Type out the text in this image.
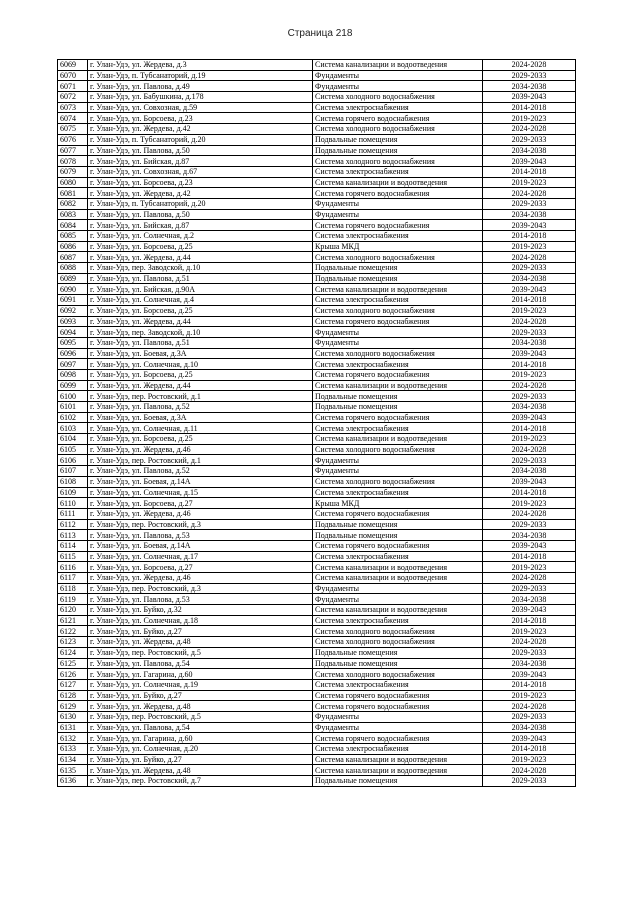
Страница 218
6069	г. Улан-Удэ, ул. Жердева, д.3	Система канализации и водоотведения	2024-2028
6070	г. Улан-Удэ, п. Тубсанаторий, д.19	Фундаменты	2029-2033
6071	г. Улан-Удэ, ул. Павлова, д.49	Фундаменты	2034-2038
6072	г. Улан-Удэ, ул. Бабушкина, д.178	Система холодного водоснабжения	2039-2043
6073	г. Улан-Удэ, ул. Совхозная, д.59	Система электроснабжения	2014-2018
6074	г. Улан-Удэ, ул. Борсоева, д.23	Система горячего водоснабжения	2019-2023
6075	г. Улан-Удэ, ул. Жердева, д.42	Система холодного водоснабжения	2024-2028
6076	г. Улан-Удэ, п. Тубсанаторий, д.20	Подвальные помещения	2029-2033
6077	г. Улан-Удэ, ул. Павлова, д.50	Подвальные помещения	2034-2038
6078	г. Улан-Удэ, ул. Бийская, д.87	Система холодного водоснабжения	2039-2043
6079	г. Улан-Удэ, ул. Совхозная, д.67	Система электроснабжения	2014-2018
6080	г. Улан-Удэ, ул. Борсоева, д.23	Система канализации и водоотведения	2019-2023
6081	г. Улан-Удэ, ул. Жердева, д.42	Система горячего водоснабжения	2024-2028
6082	г. Улан-Удэ, п. Тубсанаторий, д.20	Фундаменты	2029-2033
6083	г. Улан-Удэ, ул. Павлова, д.50	Фундаменты	2034-2038
6084	г. Улан-Удэ, ул. Бийская, д.87	Система горячего водоснабжения	2039-2043
6085	г. Улан-Удэ, ул. Солнечная, д.2	Система электроснабжения	2014-2018
6086	г. Улан-Удэ, ул. Борсоева, д.25	Крыша МКД	2019-2023
6087	г. Улан-Удэ, ул. Жердева, д.44	Система холодного водоснабжения	2024-2028
6088	г. Улан-Удэ, пер. Заводской, д.10	Подвальные помещения	2029-2033
6089	г. Улан-Удэ, ул. Павлова, д.51	Подвальные помещения	2034-2038
6090	г. Улан-Удэ, ул. Бийская, д.90А	Система канализации и водоотведения	2039-2043
6091	г. Улан-Удэ, ул. Солнечная, д.4	Система электроснабжения	2014-2018
6092	г. Улан-Удэ, ул. Борсоева, д.25	Система холодного водоснабжения	2019-2023
6093	г. Улан-Удэ, ул. Жердева, д.44	Система горячего водоснабжения	2024-2028
6094	г. Улан-Удэ, пер. Заводской, д.10	Фундаменты	2029-2033
6095	г. Улан-Удэ, ул. Павлова, д.51	Фундаменты	2034-2038
6096	г. Улан-Удэ, ул. Боевая, д.3А	Система холодного водоснабжения	2039-2043
6097	г. Улан-Удэ, ул. Солнечная, д.10	Система электроснабжения	2014-2018
6098	г. Улан-Удэ, ул. Борсоева, д.25	Система горячего водоснабжения	2019-2023
6099	г. Улан-Удэ, ул. Жердева, д.44	Система канализации и водоотведения	2024-2028
6100	г. Улан-Удэ, пер. Ростовский, д.1	Подвальные помещения	2029-2033
6101	г. Улан-Удэ, ул. Павлова, д.52	Подвальные помещения	2034-2038
6102	г. Улан-Удэ, ул. Боевая, д.3А	Система горячего водоснабжения	2039-2043
6103	г. Улан-Удэ, ул. Солнечная, д.11	Система электроснабжения	2014-2018
6104	г. Улан-Удэ, ул. Борсоева, д.25	Система канализации и водоотведения	2019-2023
6105	г. Улан-Удэ, ул. Жердева, д.46	Система холодного водоснабжения	2024-2028
6106	г. Улан-Удэ, пер. Ростовский, д.1	Фундаменты	2029-2033
6107	г. Улан-Удэ, ул. Павлова, д.52	Фундаменты	2034-2038
6108	г. Улан-Удэ, ул. Боевая, д.14А	Система холодного водоснабжения	2039-2043
6109	г. Улан-Удэ, ул. Солнечная, д.15	Система электроснабжения	2014-2018
6110	г. Улан-Удэ, ул. Борсоева, д.27	Крыша МКД	2019-2023
6111	г. Улан-Удэ, ул. Жердева, д.46	Система горячего водоснабжения	2024-2028
6112	г. Улан-Удэ, пер. Ростовский, д.3	Подвальные помещения	2029-2033
6113	г. Улан-Удэ, ул. Павлова, д.53	Подвальные помещения	2034-2038
6114	г. Улан-Удэ, ул. Боевая, д.14А	Система горячего водоснабжения	2039-2043
6115	г. Улан-Удэ, ул. Солнечная, д.17	Система электроснабжения	2014-2018
6116	г. Улан-Удэ, ул. Борсоева, д.27	Система канализации и водоотведения	2019-2023
6117	г. Улан-Удэ, ул. Жердева, д.46	Система канализации и водоотведения	2024-2028
6118	г. Улан-Удэ, пер. Ростовский, д.3	Фундаменты	2029-2033
6119	г. Улан-Удэ, ул. Павлова, д.53	Фундаменты	2034-2038
6120	г. Улан-Удэ, ул. Буйко, д.32	Система канализации и водоотведения	2039-2043
6121	г. Улан-Удэ, ул. Солнечная, д.18	Система электроснабжения	2014-2018
6122	г. Улан-Удэ, ул. Буйко, д.27	Система холодного водоснабжения	2019-2023
6123	г. Улан-Удэ, ул. Жердева, д.48	Система холодного водоснабжения	2024-2028
6124	г. Улан-Удэ, пер. Ростовский, д.5	Подвальные помещения	2029-2033
6125	г. Улан-Удэ, ул. Павлова, д.54	Подвальные помещения	2034-2038
6126	г. Улан-Удэ, ул. Гагарина, д.60	Система холодного водоснабжения	2039-2043
6127	г. Улан-Удэ, ул. Солнечная, д.19	Система электроснабжения	2014-2018
6128	г. Улан-Удэ, ул. Буйко, д.27	Система горячего водоснабжения	2019-2023
6129	г. Улан-Удэ, ул. Жердева, д.48	Система горячего водоснабжения	2024-2028
6130	г. Улан-Удэ, пер. Ростовский, д.5	Фундаменты	2029-2033
6131	г. Улан-Удэ, ул. Павлова, д.54	Фундаменты	2034-2038
6132	г. Улан-Удэ, ул. Гагарина, д.60	Система горячего водоснабжения	2039-2043
6133	г. Улан-Удэ, ул. Солнечная, д.20	Система электроснабжения	2014-2018
6134	г. Улан-Удэ, ул. Буйко, д.27	Система канализации и водоотведения	2019-2023
6135	г. Улан-Удэ, ул. Жердева, д.48	Система канализации и водоотведения	2024-2028
6136	г. Улан-Удэ, пер. Ростовский, д.7	Подвальные помещения	2029-2033
